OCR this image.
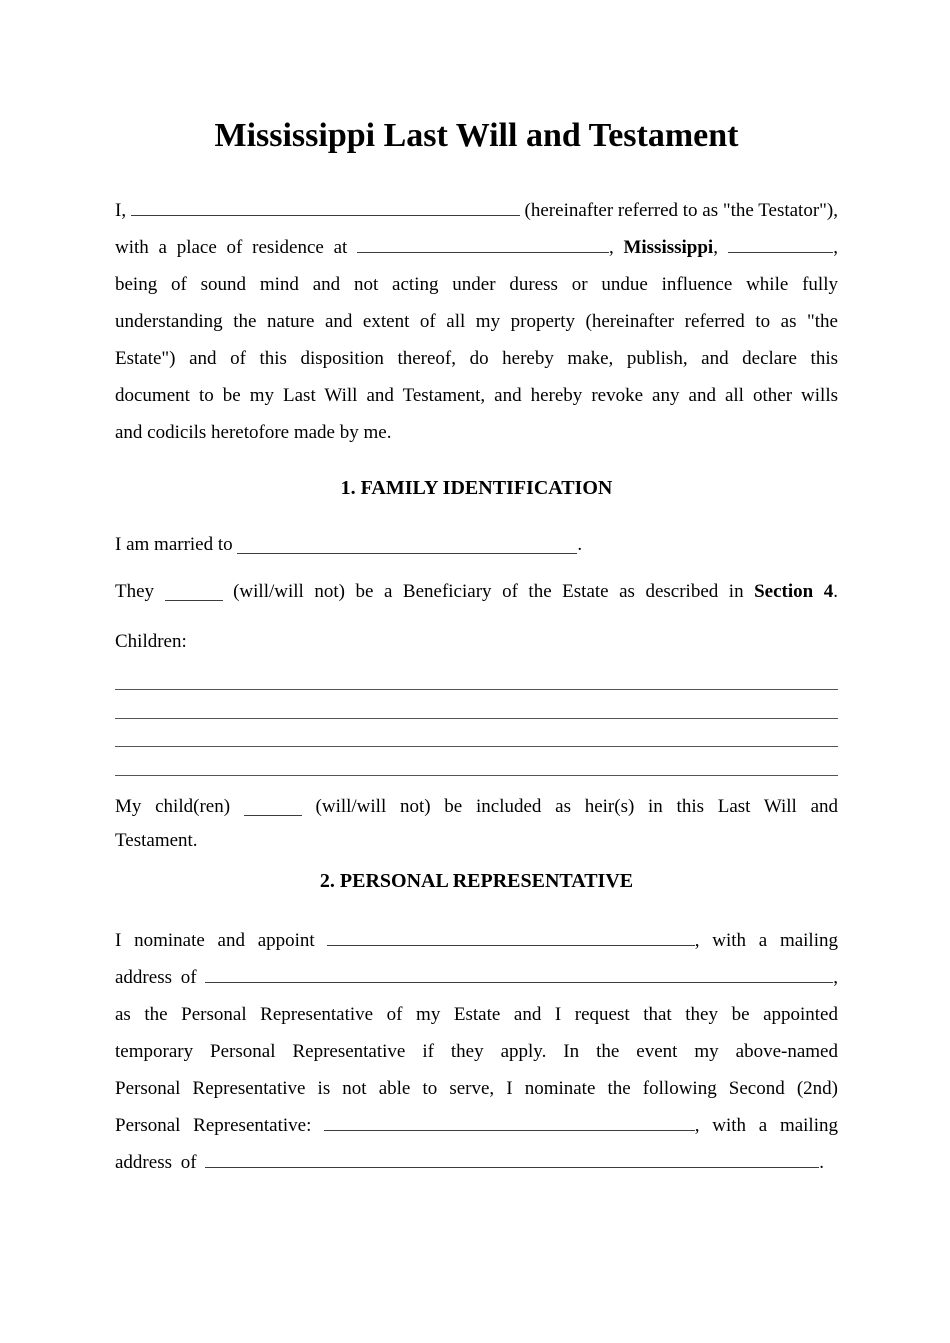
Mississippi Last Will and Testament
I,	(hereinafter referred to as "the Testator"),
with a place of residence at	, Mississippi ,	,
being of sound mind and not acting under duress or undue influence while fully
understanding the nature and extent of all my property (hereinafter referred to as "the
Estate") and of this disposition thereof, do hereby make, publish, and declare this
document to be my Last Will and Testament, and hereby revoke any and all other wills
and codicils heretofore made by me.
1. FAMILY IDENTIFICATION
I am married to	.
They	(will/will not) be a Beneficiary of the Estate as described in Section 4.
Children:
My child(ren)	(will/will not) be included as heir(s) in this Last Will and
Testament.
2. PERSONAL REPRESENTATIVE
I nominate and appoint	, with a mailing
address of	,
as the Personal Representative of my Estate and I request that they be appointed
temporary Personal Representative if they apply. In the event my above-named
Personal Representative is not able to serve, I nominate the following Second (2nd)
Personal Representative:	, with a mailing
address of	.
